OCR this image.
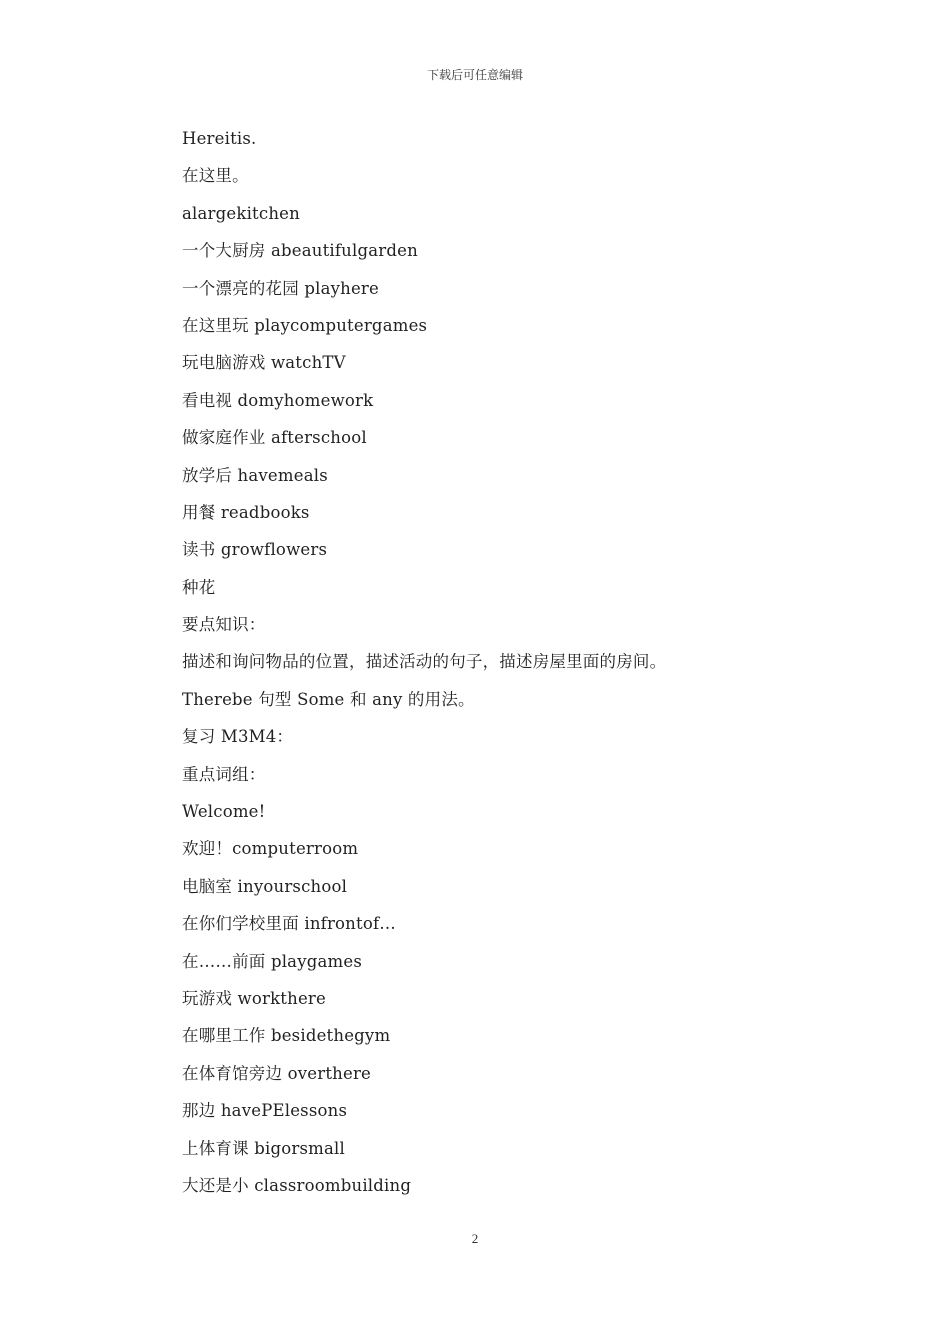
下载后可任意编辑
Hereitis.
在这里。
alargekitchen
一个大厨房 abeautifulgarden
一个漂亮的花园 playhere
在这里玩 playcomputergames
玩电脑游戏 watchTV
看电视 domyhomework
做家庭作业 afterschool
放学后 havemeals
用餐 readbooks
读书 growflowers
种花
要点知识：
描述和询问物品的位置，描述活动的句子，描述房屋里面的房间。
Therebe 句型 Some 和 any 的用法。
复习 M3M4：
重点词组：
Welcome!
欢迎！computerroom
电脑室 inyourschool
在你们学校里面 infrontof…
在……前面 playgames
玩游戏 workthere
在哪里工作 besidethegym
在体育馆旁边 overthere
那边 havePElessons
上体育课 bigorsmall
大还是小 classroombuilding
2
